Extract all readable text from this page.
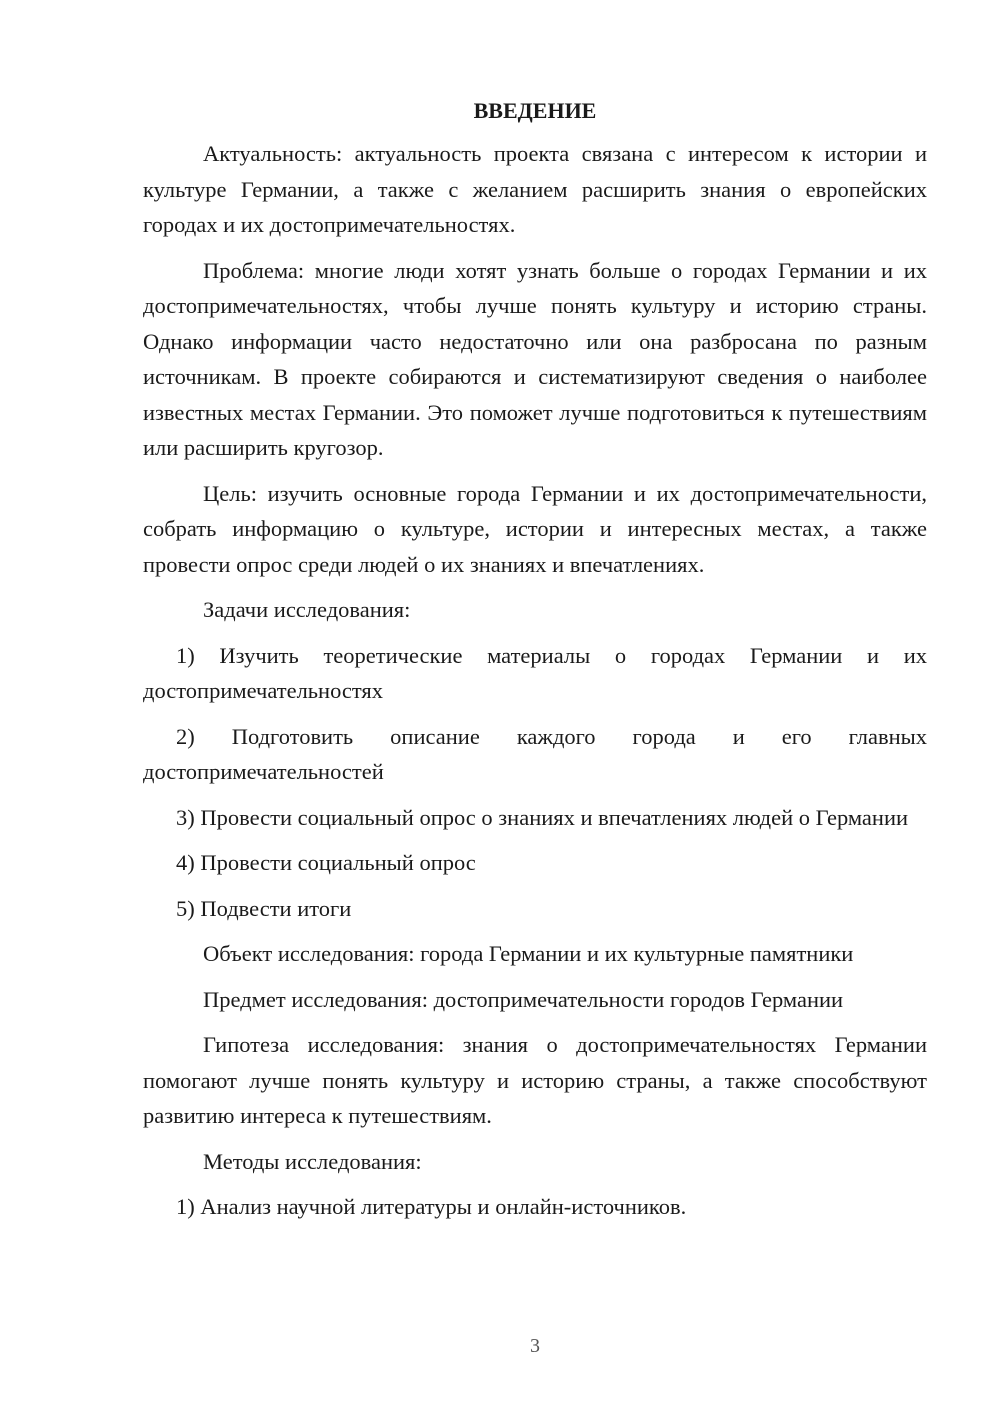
ВВЕДЕНИЕ

Актуальность: актуальность проекта связана с интересом к истории и культуре Германии, а также с желанием расширить знания о европейских городах и их достопримечательностях.

Проблема: многие люди хотят узнать больше о городах Германии и их достопримечательностях, чтобы лучше понять культуру и историю страны. Однако информации часто недостаточно или она разбросана по разным источникам. В проекте собираются и систематизируют сведения о наиболее известных местах Германии. Это поможет лучше подготовиться к путешествиям или расширить кругозор.

Цель: изучить основные города Германии и их достопримечательности, собрать информацию о культуре, истории и интересных местах, а также провести опрос среди людей о их знаниях и впечатлениях.

Задачи исследования:

1) Изучить теоретические материалы о городах Германии и их достопримечательностях

2) Подготовить описание каждого города и его главных достопримечательностей

3) Провести социальный опрос о знаниях и впечатлениях людей о Германии

4) Провести социальный опрос

5) Подвести итоги

Объект исследования: города Германии и их культурные памятники

Предмет исследования: достопримечательности городов Германии

Гипотеза исследования: знания о достопримечательностях Германии помогают лучше понять культуру и историю страны, а также способствуют развитию интереса к путешествиям.

Методы исследования:

1) Анализ научной литературы и онлайн-источников.

3
